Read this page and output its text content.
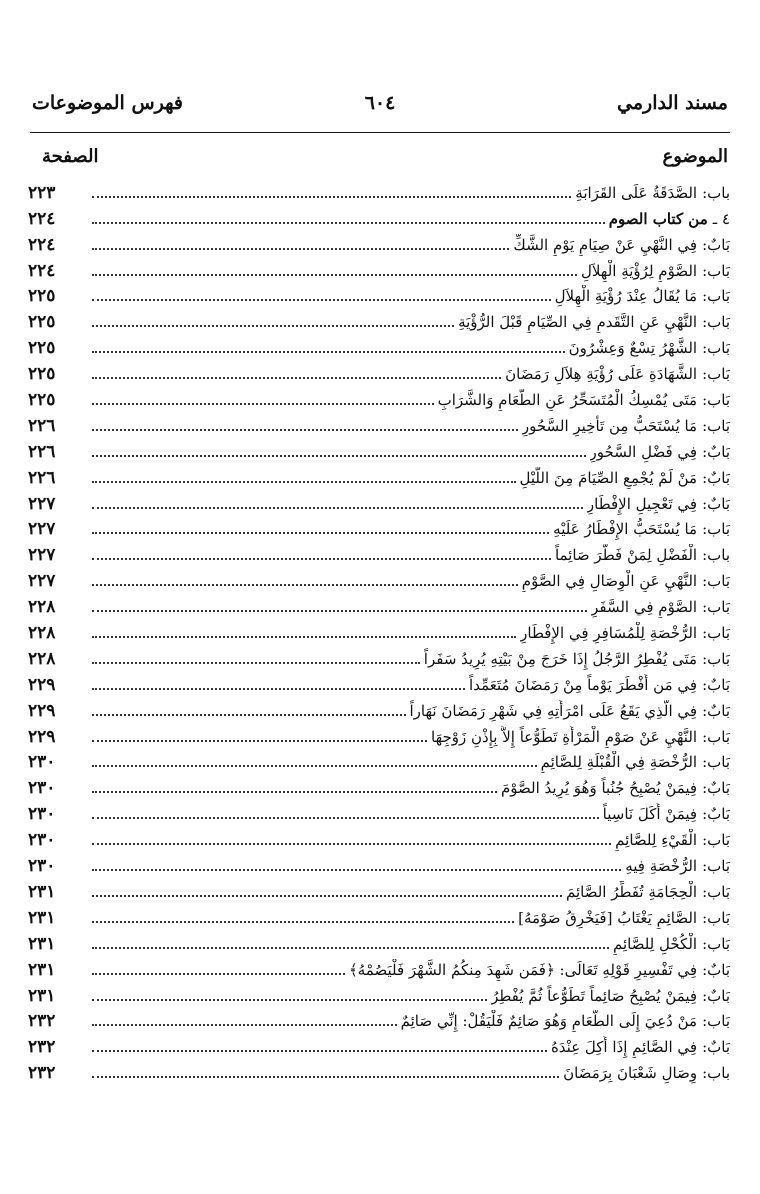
مسند الدارمي
٦٠٤
فهرس الموضوعات
الموضوع
الصفحة
باب:
الصَّدَقَةُ عَلَى القَرَابَةِ
٢٢٣
٤ ـ
من كتاب الصوم
٢٢٤
بَابٌ:
فِي النَّهْيِ عَنْ صِيَامِ يَوْمِ الشَّكِّ
٢٢٤
بَاب:
الصَّوْمِ لِرُؤْيَةِ الْهِلاَلِ
٢٢٤
بَاب:
مَا يُقَالُ عِنْدَ رُؤْيَةِ الْهِلاَلِ
٢٢٥
بَاب:
النَّهْيِ عَنِ التَّقَدمِ فِي الصِّيَامِ قَبْلَ الرُّؤْيَةِ
٢٢٥
بَاب:
الشَّهْرُ تِسْعٌ وَعِشْرُونَ
٢٢٥
بَاب:
الشَّهَادَةِ عَلَى رُؤْيَةِ هِلاَلِ رَمَضَانَ
٢٢٥
بَاب:
مَتَى يُمْسِكُ الْمُتَسَحِّرُ عَنِ الطَّعَامِ وَالشَّرَابِ
٢٢٥
بَاب:
مَا يُسْتَحَبُّ مِن تَأْخِيرِ السَّحُورِ
٢٢٦
بَابٌ:
فِي فَضْلِ السَّحُورِ
٢٢٦
بَابٌ:
مَنْ لَمْ يُجْمِعِ الصِّيَامَ مِنَ اللَّيْلِ
٢٢٦
بَابٌ:
فِي تَعْجِيلِ الإِفْطَارِ
٢٢٧
بَاب:
مَا يُسْتَحَبُّ الإِفْطَارُ عَلَيْهِ
٢٢٧
باب:
الْفَضْلِ لِمَنْ فَطَّرَ صَائِماً
٢٢٧
بَاب:
النَّهْيِ عَنِ الْوِصَالِ فِي الصَّوْمِ
٢٢٧
بَاب:
الصَّوْمِ فِي السَّفَرِ
٢٢٨
بَاب:
الرُّخْصَةِ لِلْمُسَافِرِ فِي الإِفْطَارِ
٢٢٨
بَاب:
مَتَى يُفْطِرُ الرَّجُلُ إِذَا خَرَجَ مِنْ بَيْتِهِ يُرِيدُ سَفَراً
٢٢٨
بَابٌ:
فِي مَن أَفْطَرَ يَوْماً مِنْ رَمَضَانَ مُتَعَمِّداً
٢٢٩
بَابٌ:
فِي الَّذِي يَقَعُ عَلَى امْرَأَتِهِ فِي شَهْرِ رَمَضَانَ نَهَاراً
٢٢٩
بَاب:
النَّهْيِ عَنْ صَوْمِ الْمَرْأَةِ تَطَوُّعاً إِلاَّ بِإِذْنِ زَوْجِهَا
٢٢٩
بَاب:
الرُّخْصَةِ فِي الْقُبْلَةِ لِلصَّائِمِ
٢٣٠
بَابٌ:
فِيمَنْ يُصْبِحُ جُنُباً وَهُوَ يُرِيدُ الصَّوْمَ
٢٣٠
بَابٌ:
فِيمَنْ أَكَلَ نَاسِياً
٢٣٠
بَاب:
الْقَيْءِ لِلصَّائِمِ
٢٣٠
بَاب:
الرُّخْصَةِ فِيهِ
٢٣٠
بَاب:
الْحِجَامَةِ تُفَطِّرُ الصَّائِمَ
٢٣١
بَاب:
الصَّائِمِ يَغْتَابُ [فَيَخْرِقُ صَوْمَهُ]
٢٣١
بَاب:
الْكُحْلِ لِلصَّائِمِ
٢٣١
بَابٌ:
فِي تَفْسِيرِ قَوْلِهِ تَعَالَى: ﴿فَمَن شَهِدَ مِنكُمُ الشَّهْرَ فَلْيَصُمْهُ﴾
٢٣١
بَابٌ:
فِيمَنْ يُصْبِحُ صَائِماً تَطَوُّعاً ثُمَّ يُفْطِرُ
٢٣١
بَاب:
مَنْ دُعِيَ إِلَى الطَّعَامِ وَهُوَ صَائِمٌ فَلْيَقُلْ: إِنِّي صَائِمٌ
٢٣٢
بَابٌ:
فِي الصَّائِمِ إِذَا أُكِلَ عِنْدَهُ
٢٣٢
باب:
وِصَالِ شَعْبَانَ بِرَمَضَانَ
٢٣٢
